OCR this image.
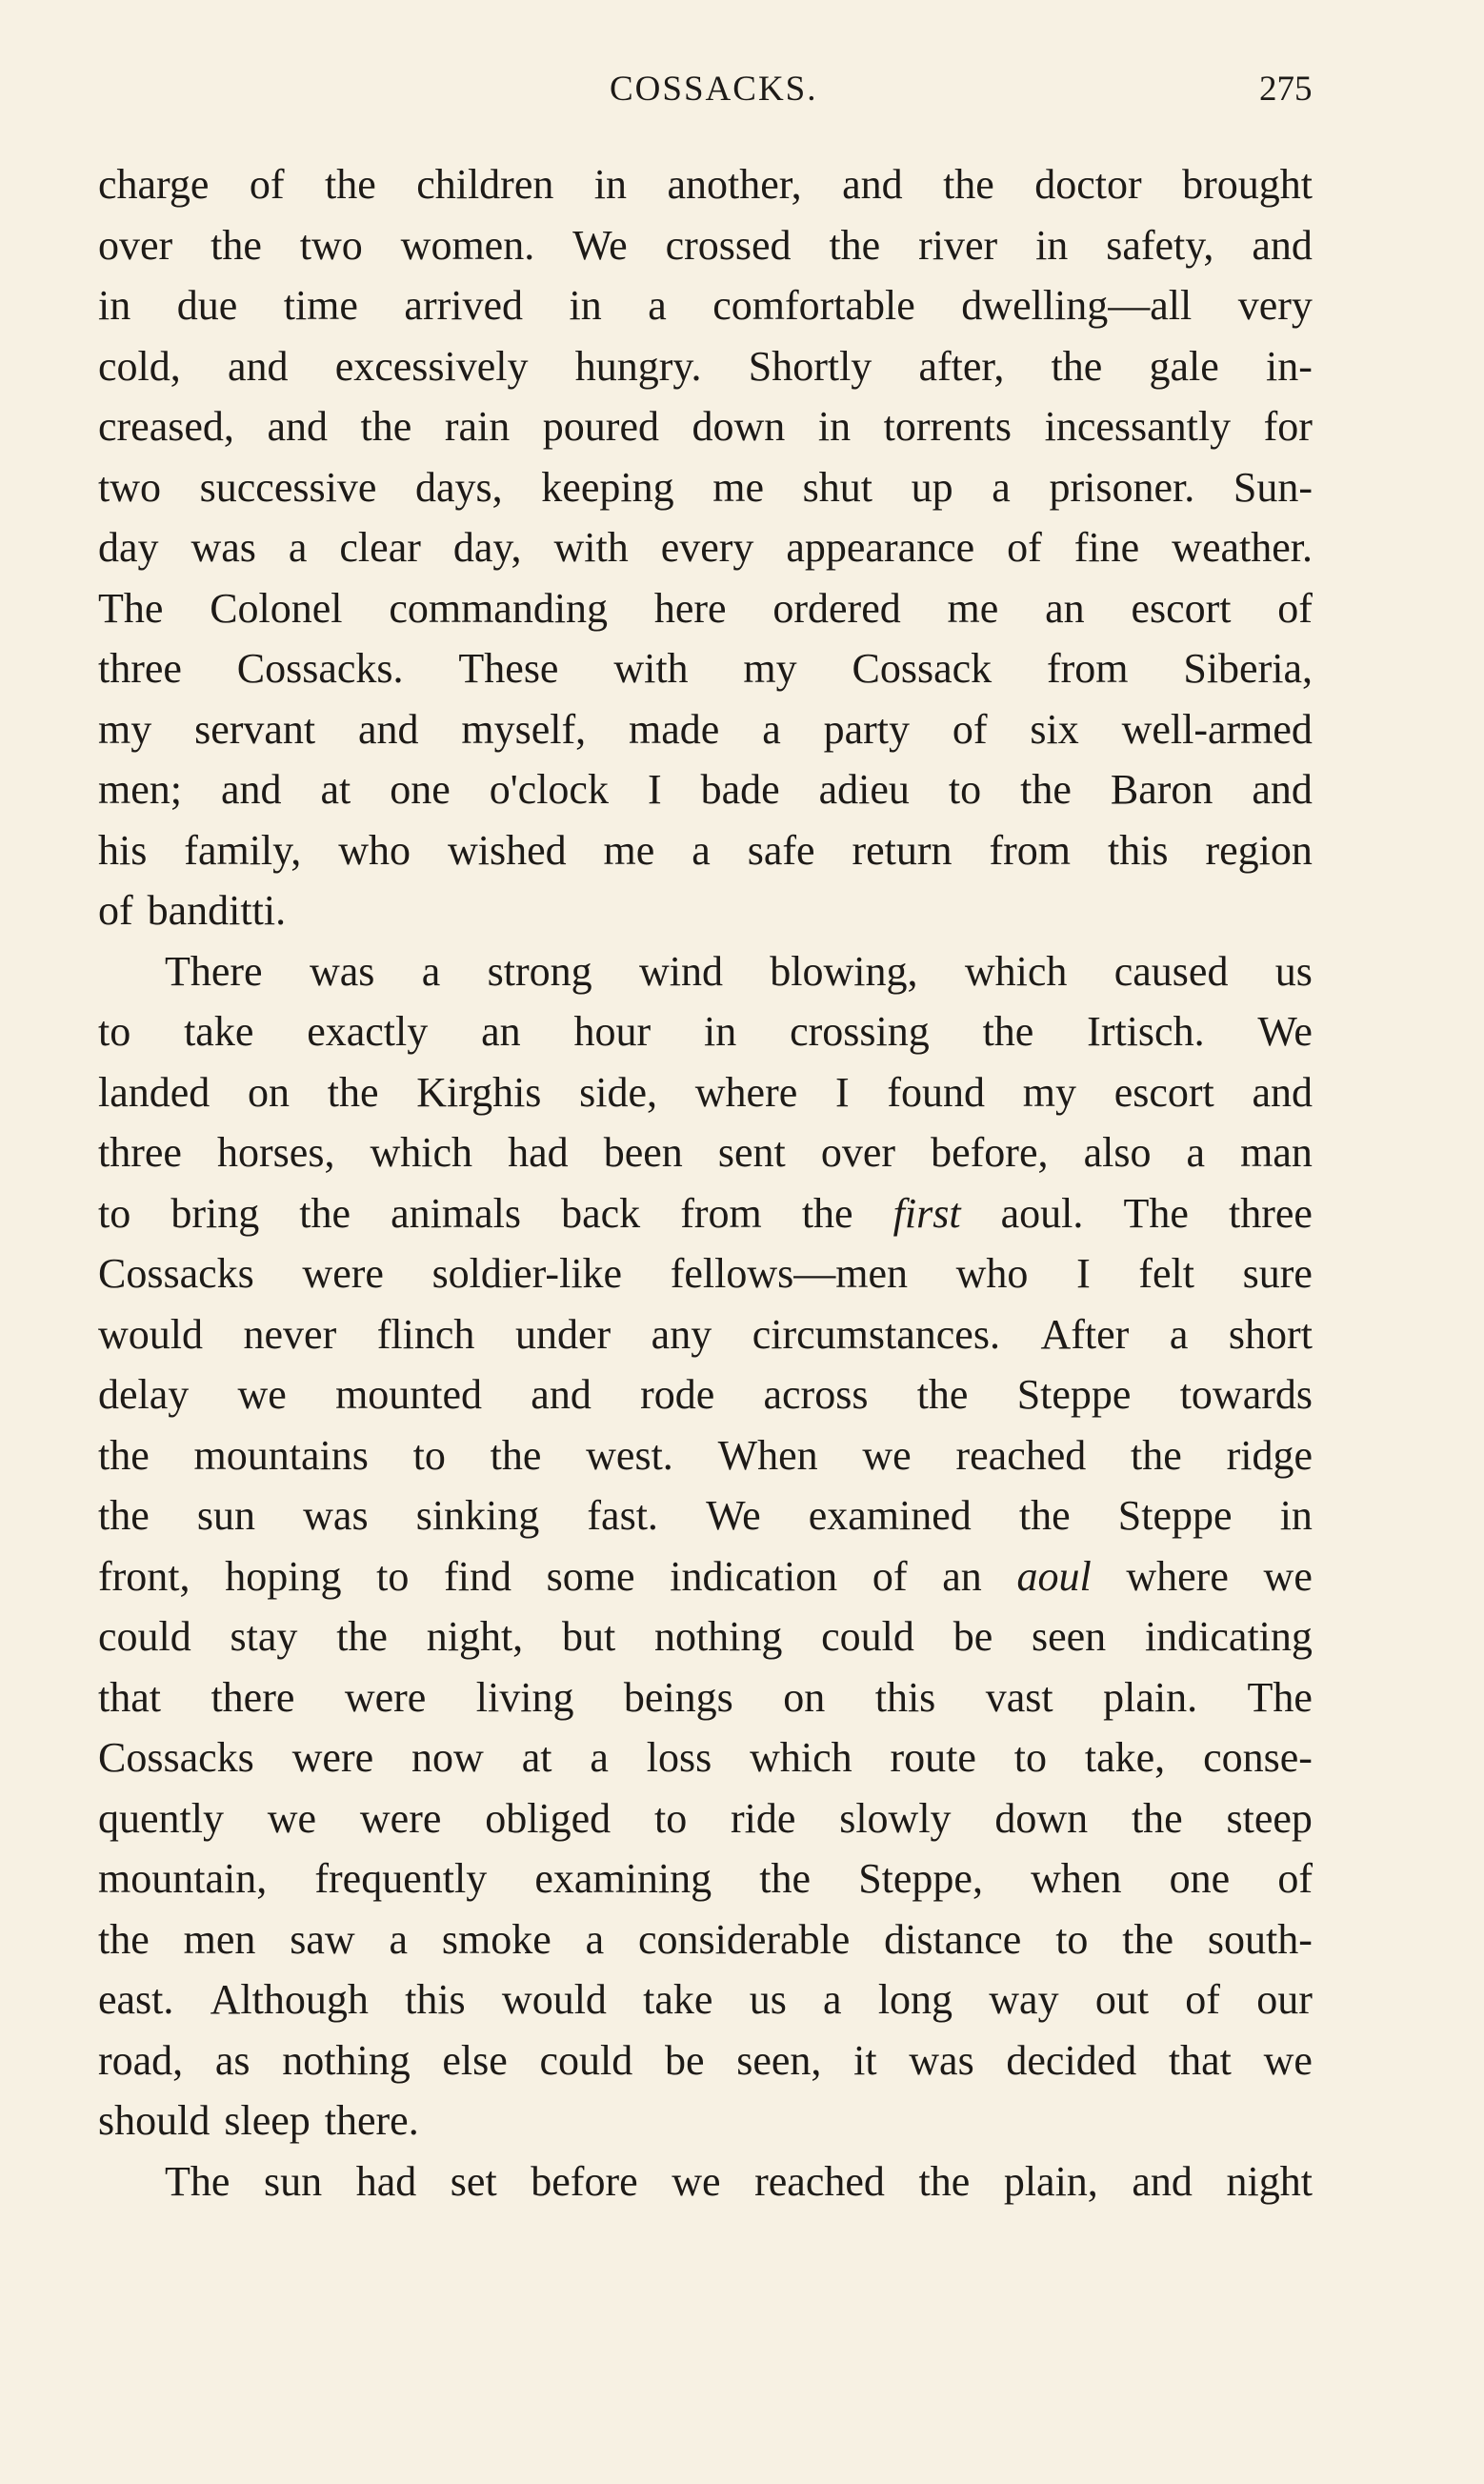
COSSACKS.	275
charge of the children in another, and the doctor brought
over the two women. We crossed the river in safety, and
in due time arrived in a comfortable dwelling—all very
cold, and excessively hungry. Shortly after, the gale in-
creased, and the rain poured down in torrents incessantly for
two successive days, keeping me shut up a prisoner. Sun-
day was a clear day, with every appearance of fine weather.
The Colonel commanding here ordered me an escort of
three Cossacks. These with my Cossack from Siberia,
my servant and myself, made a party of six well-armed
men; and at one o'clock I bade adieu to the Baron and
his family, who wished me a safe return from this region
of banditti.
There was a strong wind blowing, which caused us
to take exactly an hour in crossing the Irtisch. We
landed on the Kirghis side, where I found my escort and
three horses, which had been sent over before, also a man
to bring the animals back from the first aoul. The three
Cossacks were soldier-like fellows—men who I felt sure
would never flinch under any circumstances. After a short
delay we mounted and rode across the Steppe towards
the mountains to the west. When we reached the ridge
the sun was sinking fast. We examined the Steppe in
front, hoping to find some indication of an aoul where we
could stay the night, but nothing could be seen indicating
that there were living beings on this vast plain. The
Cossacks were now at a loss which route to take, conse-
quently we were obliged to ride slowly down the steep
mountain, frequently examining the Steppe, when one of
the men saw a smoke a considerable distance to the south-
east. Although this would take us a long way out of our
road, as nothing else could be seen, it was decided that we
should sleep there.
The sun had set before we reached the plain, and night
